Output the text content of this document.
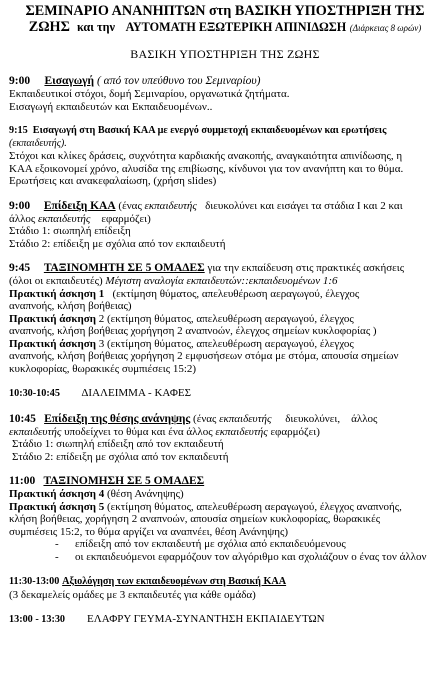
ΣΕΜΙΝΑΡΙΟ ΑΝΑΝΗΠΤΩΝ στη ΒΑΣΙΚΗ ΥΠΟΣΤΗΡΙΞΗ ΤΗΣ
ΖΩΗΣ και την ΑΥΤΟΜΑΤΗ ΕΞΩΤΕΡΙΚΗ ΑΠΙΝΙΔΩΣΗ (Διάρκειας 8 ωρών)
ΒΑΣΙΚΗ ΥΠΟΣΤΗΡΙΞΗ ΤΗΣ ΖΩΗΣ
9:00 Εισαγωγή ( από τον υπεύθυνο του Σεμιναρίου)
Εκπαιδευτικοί στόχοι, δομή Σεμιναρίου, οργανωτικά ζητήματα.
Εισαγωγή εκπαιδευτών και Εκπαιδευομένων..
9:15 Εισαγωγή στη Βασική ΚΑΑ με ενεργό συμμετοχή εκπαιδευομένων και ερωτήσεις
(εκπαιδευτής).
Στόχοι και κλίκες δράσεις, συχνότητα καρδιακής ανακοπής, αναγκαιότητα απινίδωσης, η
ΚΑΑ εξοικονομεί χρόνο, αλυσίδα της επιβίωσης, κίνδυνοι για τον ανανήπτη και το θύμα.
Ερωτήσεις και ανακεφαλαίωση, (χρήση slides)
9:00 Επίδειξη ΚΑΑ (ένας εκπαιδευτής διευκολύνει και εισάγει τα στάδια I και 2 και
άλλος εκπαιδευτής εφαρμόζει)
Στάδιο 1: σιωπηλή επίδειξη
Στάδιο 2: επίδειξη με σχόλια από τον εκπαιδευτή
9:45 ΤΑΞΙΝΟΜΗΤΗ ΣΕ 5 ΟΜΑΔΕΣ για την εκπαίδευση στις πρακτικές ασκήσεις
(όλοι οι εκπαιδευτές) Μέγιστη αναλογία εκπαιδευτών::εκπαιδευομένων 1:6
Πρακτική άσκηση 1 (εκτίμηση θύματος, απελευθέρωση αεραγωγού, έλεγχος
αναπνοής, κλήση βοήθειας)
Πρακτική άσκηση 2 (εκτίμηση θύματος, απελευθέρωση αεραγωγού, έλεγχος
αναπνοής, κλήση βοήθειας χορήγηση 2 αναπνοών, έλεγχος σημείων κυκλοφορίας )
Πρακτική άσκηση 3 (εκτίμηση θύματος, απελευθέρωση αεραγωγού, έλεγχος
αναπνοής, κλήση βοήθειας χορήγηση 2 εμφυσήσεων στόμα με στόμα, απουσία σημείων
κυκλοφορίας, θωρακικές συμπιέσεις 15:2)
10:30-10:45 ΔΙΑΛΕΙΜΜΑ - ΚΑΦΕΣ
10:45 Επίδειξη της θέσης ανάνηψης (ένας εκπαιδευτής διευκολύνει, άλλος
εκπαιδευτής υποδείχνει το θύμα και ένα άλλος εκπαιδευτής εφαρμόζει)
Στάδιο 1: σιωπηλή επίδειξη από τον εκπαιδευτή
Στάδιο 2: επίδειξη με σχόλια από τον εκπαιδευτή
11:00 ΤΑΞΙΝΟΜΗΣΗ ΣΕ 5 ΟΜΑΔΕΣ
Πρακτική άσκηση 4 (θέση Ανάνηψης)
Πρακτική άσκηση 5 (εκτίμηση θύματος, απελευθέρωση αεραγωγού, έλεγχος αναπνοής,
κλήση βοήθειας, χορήγηση 2 αναπνοών, απουσία σημείων κυκλοφορίας, θωρακικές
συμπιέσεις 15:2, το θύμα αργίζει να αναπνέει, θέση Ανάνηψης)
- επίδειξη από τον εκπαιδευτή με σχόλια από εκπαιδευόμενους
- οι εκπαιδευόμενοι εφαρμόζουν τον αλγόριθμο και σχολιάζουν ο ένας τον άλλον
11:30-13:00 Αξιολόγηση των εκπαιδευομένων στη Βασική ΚΑΑ
(3 δεκαμελείς ομάδες με 3 εκπαιδευτές για κάθε ομάδα)
13:00 - 13:30 ΕΛΑΦΡΥ ΓΕΥΜΑ-ΣΥΝΑΝΤΗΣΗ ΕΚΠΑΙΔΕΥΤΩΝ
